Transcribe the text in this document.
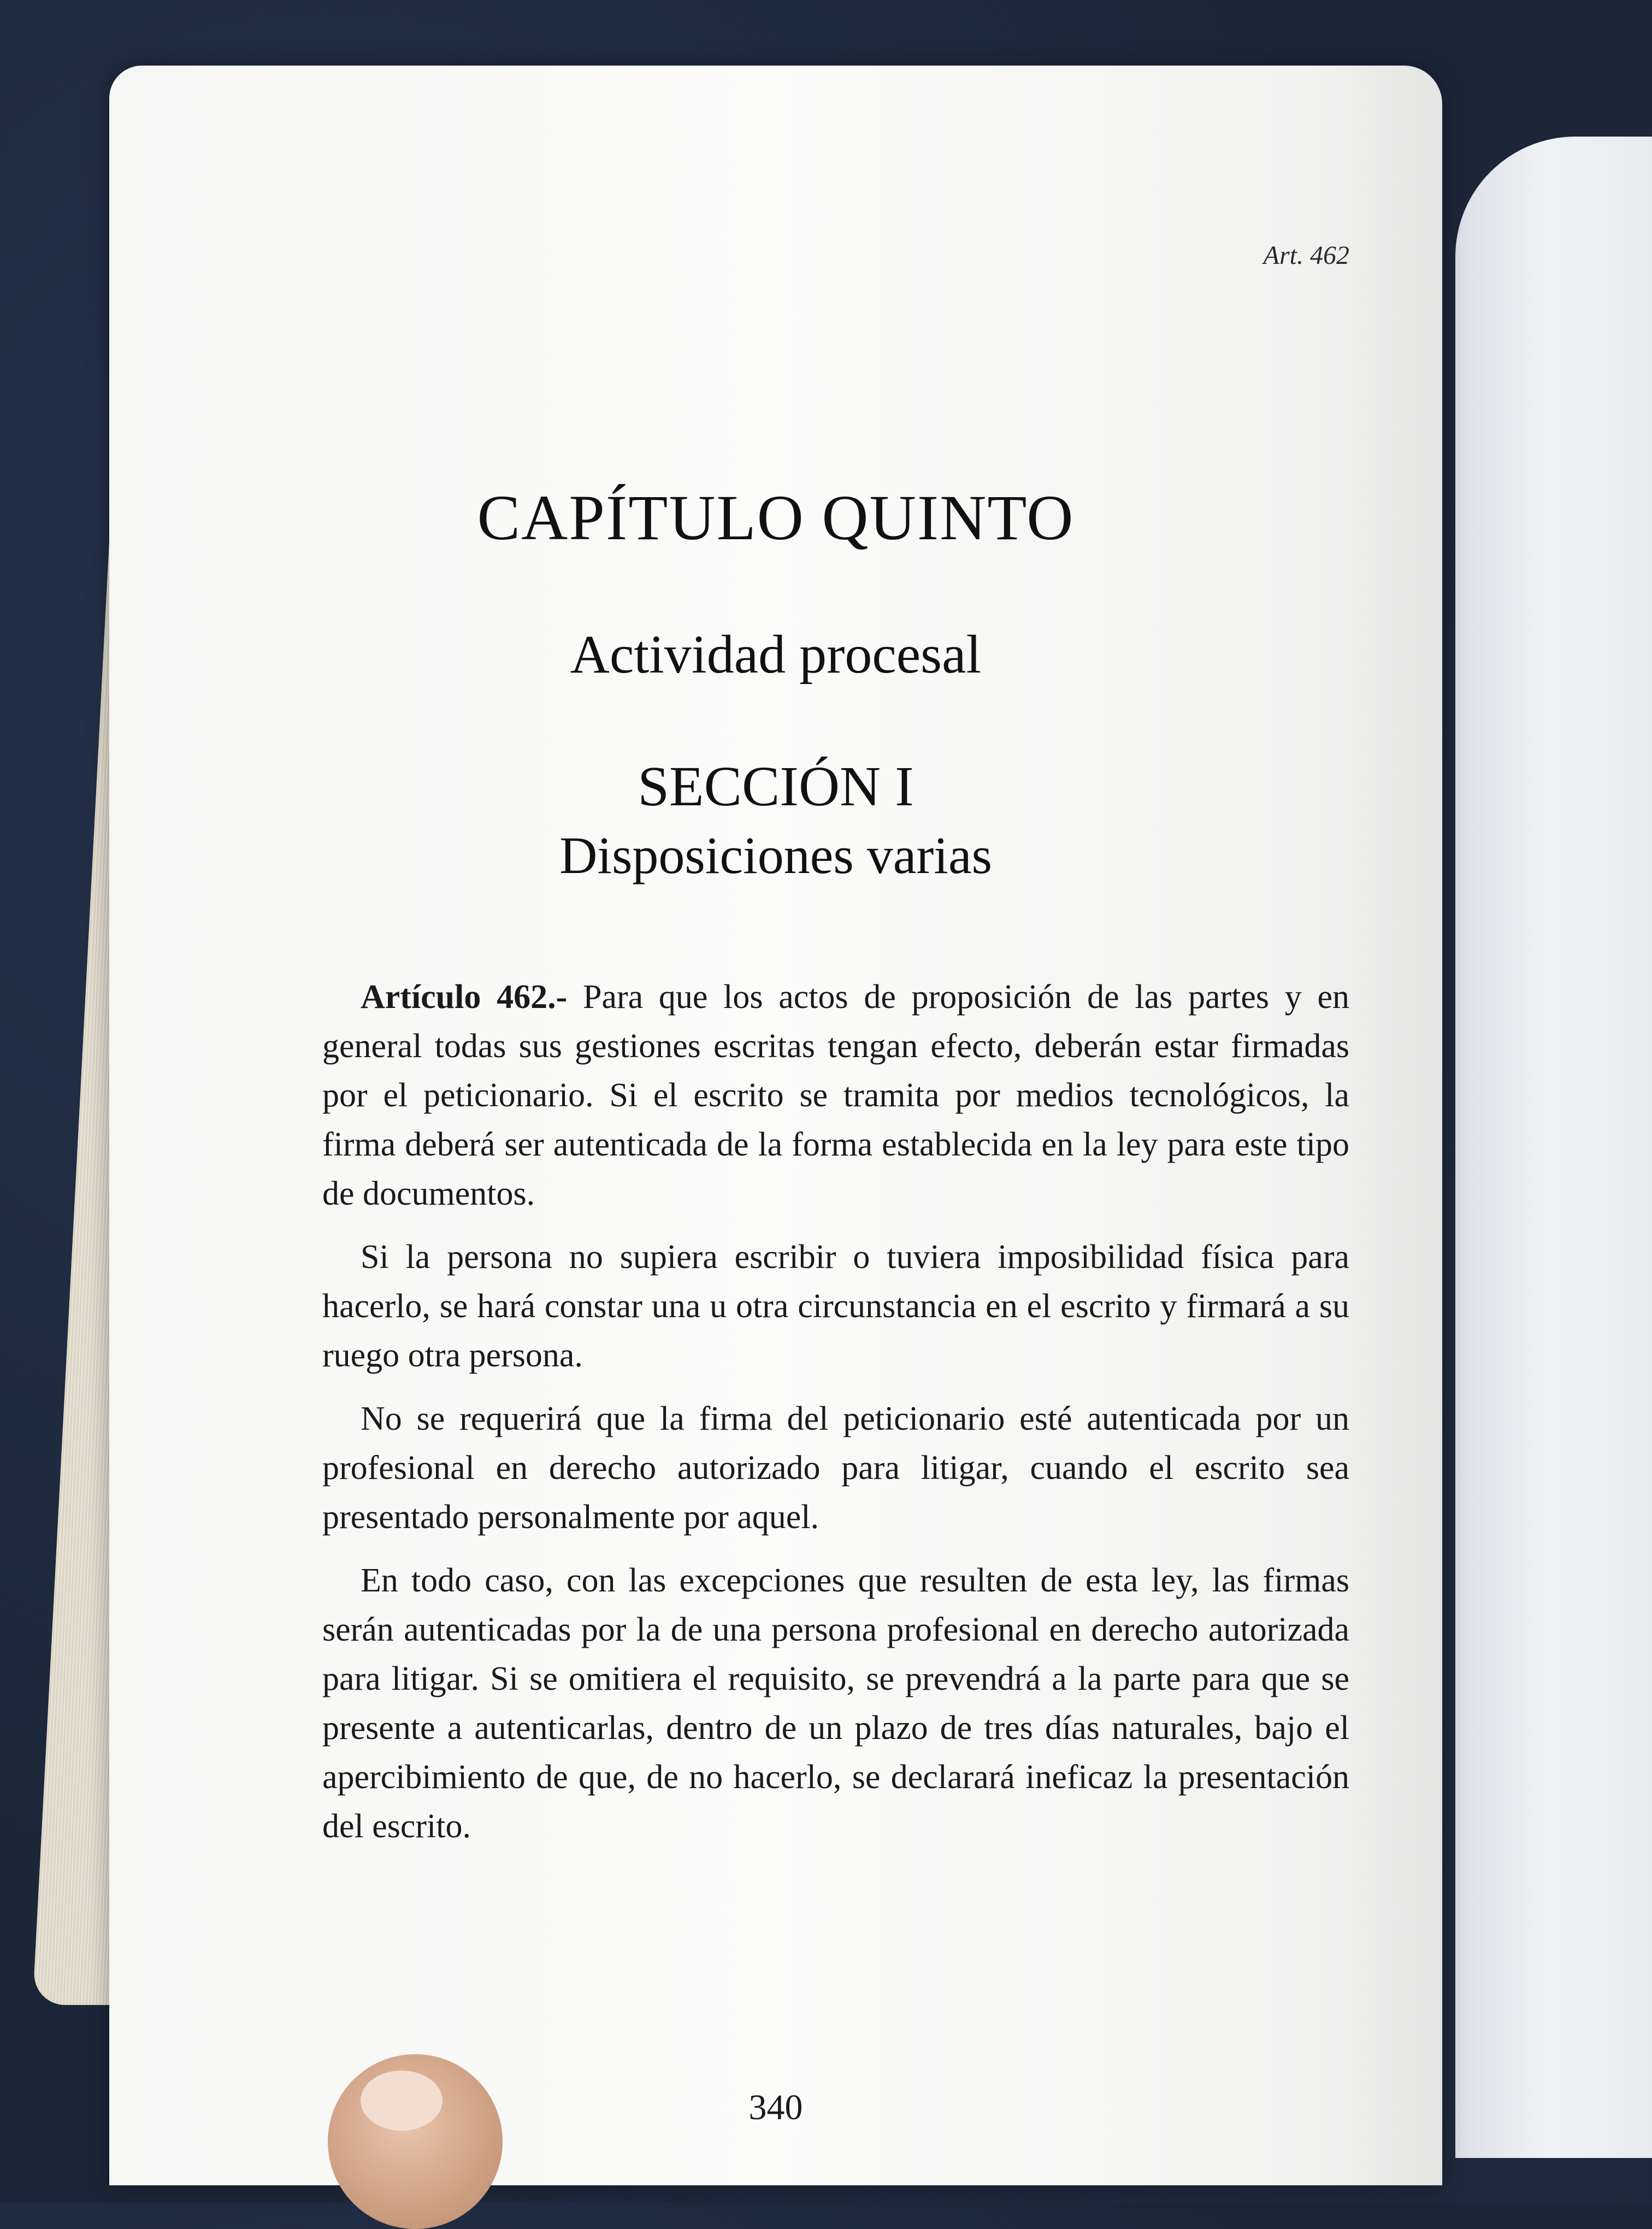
Art. 462
CAPÍTULO QUINTO
Actividad procesal
SECCIÓN I
Disposiciones varias

Artículo 462.- Para que los actos de proposición de las partes y en general todas sus gestiones escritas tengan efecto, deberán estar firmadas por el peticionario. Si el escrito se tramita por medios tecnológicos, la firma deberá ser autenticada de la forma establecida en la ley para este tipo de documentos.

Si la persona no supiera escribir o tuviera imposibilidad física para hacerlo, se hará constar una u otra circunstancia en el escrito y firmará a su ruego otra persona.

No se requerirá que la firma del peticionario esté autenticada por un profesional en derecho autorizado para litigar, cuando el escrito sea presentado personalmente por aquel.

En todo caso, con las excepciones que resulten de esta ley, las firmas serán autenticadas por la de una persona profesional en derecho autorizada para litigar. Si se omitiera el requisito, se prevendrá a la parte para que se presente a autenticarlas, dentro de un plazo de tres días naturales, bajo el apercibimiento de que, de no hacerlo, se declarará ineficaz la presentación del escrito.

340
